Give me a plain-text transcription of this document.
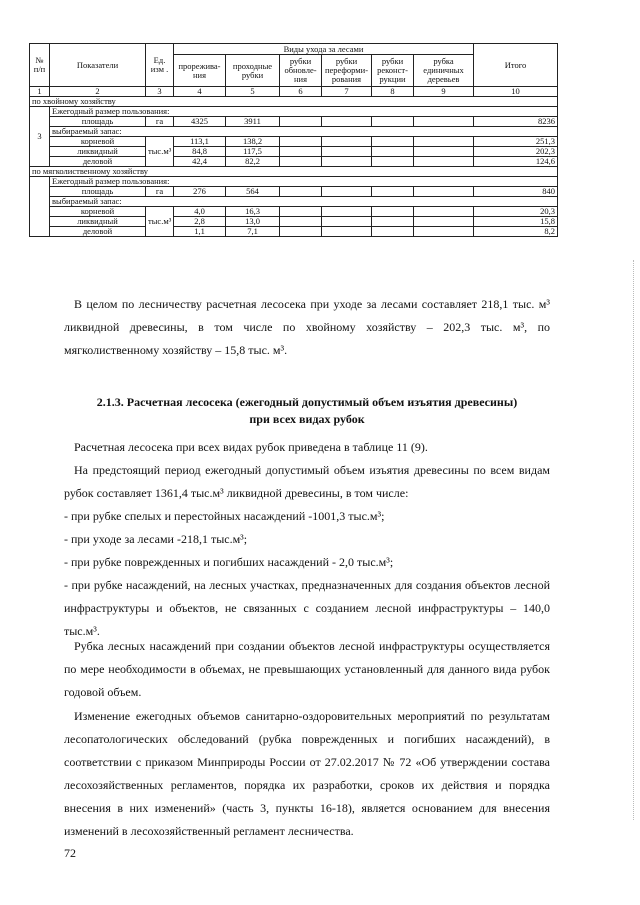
№ п/п	Показатели	Ед. изм .	Виды ухода за лесами						Итого
			прорежива-ния	проходные рубки	рубки обновле-ния	рубки переформи-рования	рубки реконст-рукции	рубка единичных деревьев	
1	2	3	4	5	6	7	8	9	10
по хвойному хозяйству									
3	Ежегодный размер пользования:								
	площадь	га	4325	3911					8236
	выбираемый запас:								
	корневой	тыс.м³	113,1	138,2					251,3
	ликвидный		84,8	117,5					202,3
	деловой		42,4	82,2					124,6
по мягколиственному хозяйству									
	Ежегодный размер пользования:								
	площадь	га	276	564					840
	выбираемый запас:								
	корневой	тыс.м³	4,0	16,3					20,3
	ликвидный		2,8	13,0					15,8
	деловой		1,1	7,1					8,2

В целом по лесничеству расчетная лесосека при уходе за лесами составляет 218,1 тыс. м³ ликвидной древесины, в том числе по хвойному хозяйству – 202,3 тыс. м³, по мягколиственному хозяйству – 15,8 тыс. м³.

2.1.3. Расчетная лесосека (ежегодный допустимый объем изъятия древесины)
при всех видах рубок

Расчетная лесосека при всех видах рубок приведена в таблице 11 (9).

На предстоящий период ежегодный допустимый объем изъятия древесины по всем видам рубок составляет 1361,4 тыс.м³ ликвидной древесины, в том числе:

- при рубке спелых и перестойных насаждений -1001,3 тыс.м³;

- при уходе за лесами -218,1 тыс.м³;

- при рубке поврежденных и погибших насаждений - 2,0 тыс.м³;

- при рубке насаждений, на лесных участках, предназначенных для создания объектов лесной инфраструктуры и объектов, не связанных с созданием лесной инфраструктуры – 140,0 тыс.м³.

Рубка лесных насаждений при создании объектов лесной инфраструктуры осуществляется по мере необходимости в объемах, не превышающих установленный для данного вида рубок годовой объем.

Изменение ежегодных объемов санитарно-оздоровительных мероприятий по результатам лесопатологических обследований (рубка поврежденных и погибших насаждений), в соответствии с приказом Минприроды России от 27.02.2017 № 72 «Об утверждении состава лесохозяйственных регламентов, порядка их разработки, сроков их действия и порядка внесения в них изменений» (часть 3, пункты 16-18), является основанием для внесения изменений в лесохозяйственный регламент лесничества.

72
